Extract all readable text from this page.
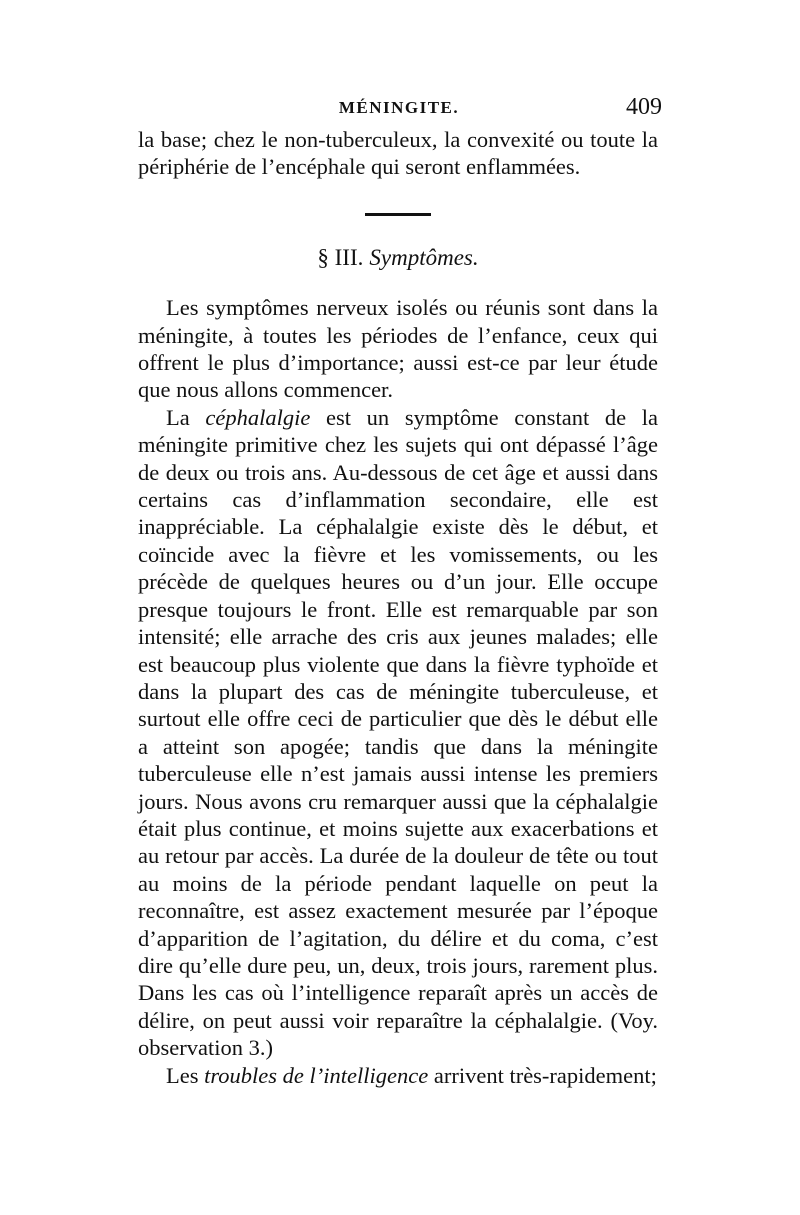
MÉNINGITE.	409

la base; chez le non-tuberculeux, la convexité ou toute la périphérie de l’encéphale qui seront enflammées.

§ III. Symptômes.

Les symptômes nerveux isolés ou réunis sont dans la méningite, à toutes les périodes de l’enfance, ceux qui offrent le plus d’importance; aussi est-ce par leur étude que nous allons commencer.

La céphalalgie est un symptôme constant de la méningite primitive chez les sujets qui ont dépassé l’âge de deux ou trois ans. Au-dessous de cet âge et aussi dans certains cas d’inflammation secondaire, elle est inappréciable. La céphalalgie existe dès le début, et coïncide avec la fièvre et les vomissements, ou les précède de quelques heures ou d’un jour. Elle occupe presque toujours le front. Elle est remarquable par son intensité; elle arrache des cris aux jeunes malades; elle est beaucoup plus violente que dans la fièvre typhoïde et dans la plupart des cas de méningite tuberculeuse, et surtout elle offre ceci de particulier que dès le début elle a atteint son apogée; tandis que dans la méningite tuberculeuse elle n’est jamais aussi intense les premiers jours. Nous avons cru remarquer aussi que la céphalalgie était plus continue, et moins sujette aux exacerbations et au retour par accès. La durée de la douleur de tête ou tout au moins de la période pendant laquelle on peut la reconnaître, est assez exactement mesurée par l’époque d’apparition de l’agitation, du délire et du coma, c’est dire qu’elle dure peu, un, deux, trois jours, rarement plus. Dans les cas où l’intelligence reparaît après un accès de délire, on peut aussi voir reparaître la céphalalgie. (Voy. observation 3.)

Les troubles de l’intelligence arrivent très-rapidement;
